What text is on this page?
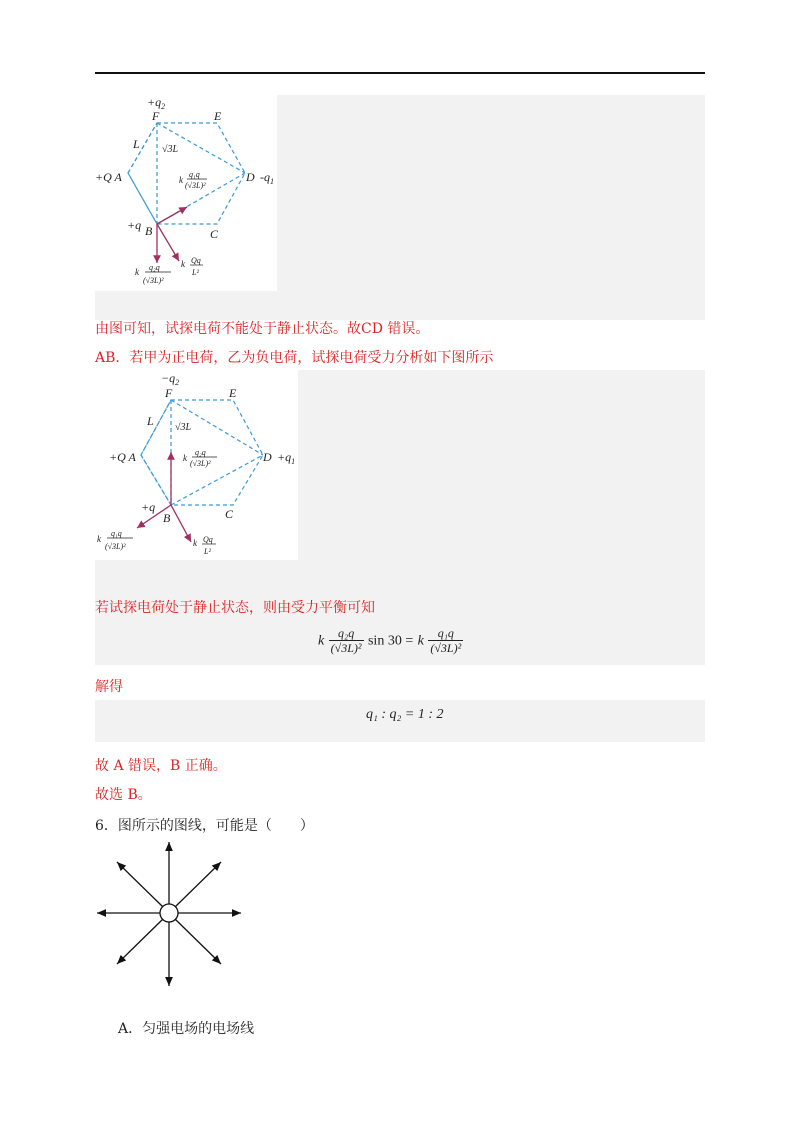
$+q_2$
F	E
L √3L
+Q A	D $-q_1$
+q B	C
k
q₁q
(√3L)²
k q₂q
(√3L)²
k Qq
L²
由图可知，试探电荷不能处于静止状态。故CD 错误。
AB．若甲为正电荷，乙为负电荷，试探电荷受力分析如下图所示
$-q_2$
F	E
L √3L
+Q A	$D +q_1$
+q
B	C
k
q₂q
(√3L)²
k
q₁q
(√3L)²	k Qq
L²
若试探电荷处于静止状态，则由受力平衡可知
k $\frac{\text{q₂q}}{\text{(√3L)²}}$ sin 30 = k $\frac{\text{q₁q}}{\text{(√3L)²}}$
解得
q₁ : q₂ = 1 : 2
故 A 错误，B 正确。
故选 B。
6．图所示的图线，可能是（　　）
A．匀强电场的电场线
